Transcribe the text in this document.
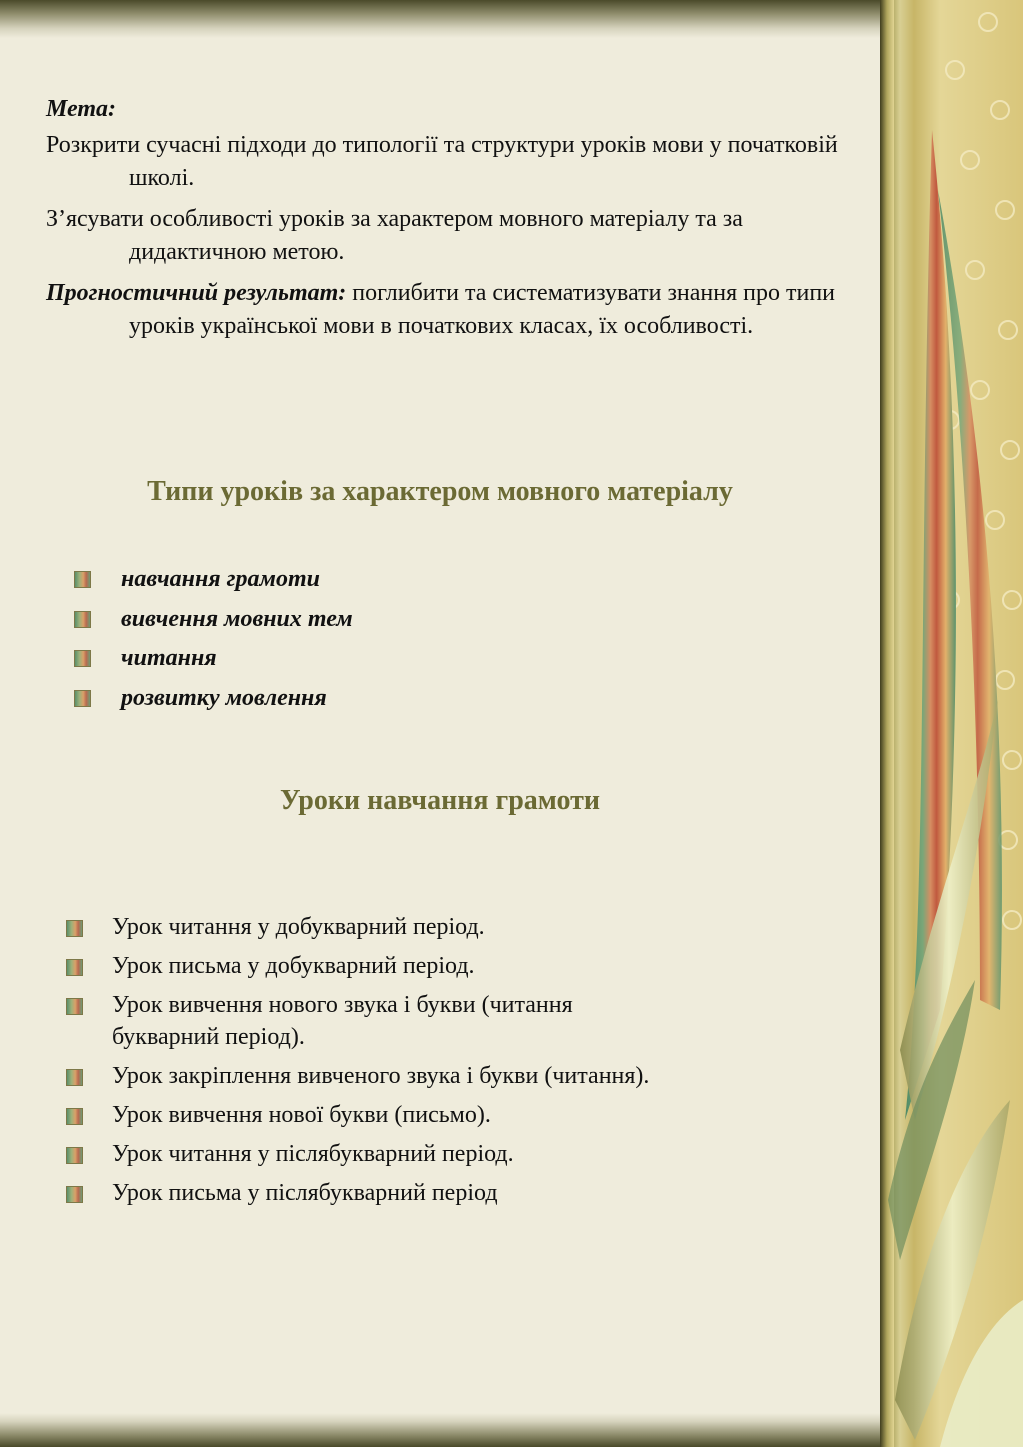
Мета:

Розкрити сучасні підходи до типології та структури уроків мови у початковій школі.

З’ясувати особливості уроків за характером мовного матеріалу та за дидактичною метою.

Прогностичний результат: поглибити та систематизувати знання про типи уроків української мови в початкових класах, їх особливості.

Типи уроків за характером мовного матеріалу
навчання грамоти
вивчення мовних тем
читання
розвитку мовлення
Уроки навчання грамоти
Урок читання у добукварний період.
Урок письма у добукварний період.
Урок вивчення нового звука і букви (читання букварний період).
Урок закріплення вивченого звука і букви (читання).
Урок вивчення нової букви (письмо).
Урок читання у післябукварний період.
Урок письма у післябукварний період
